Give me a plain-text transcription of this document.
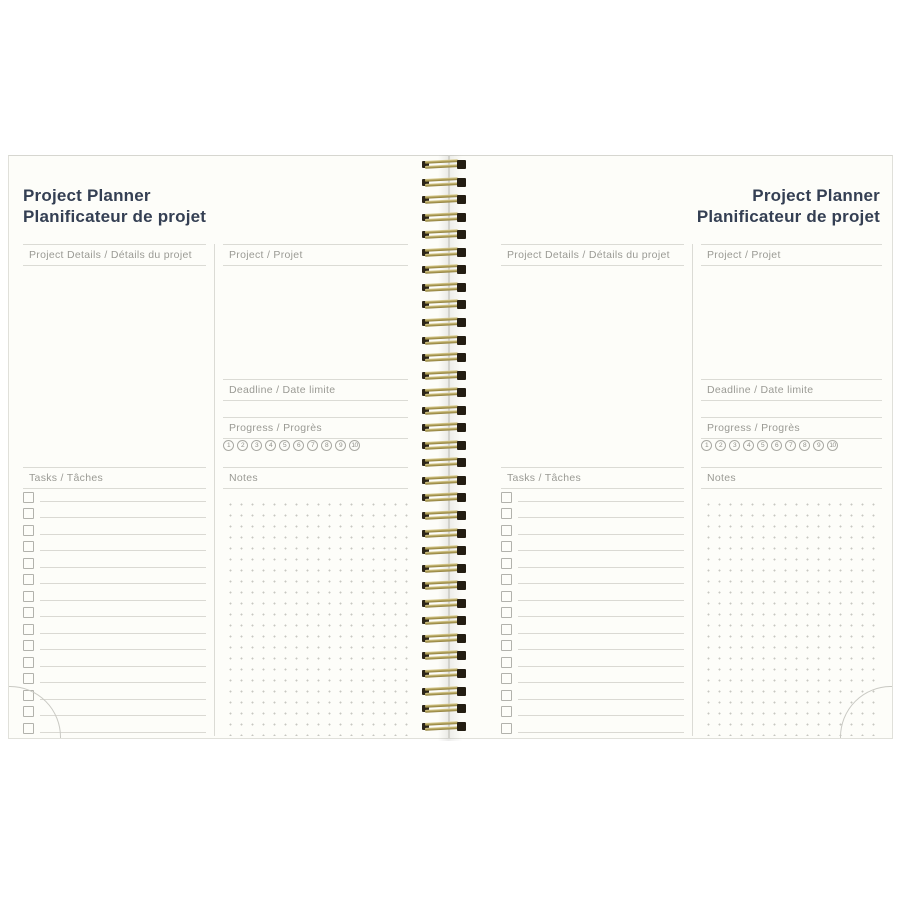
Project Planner
Planificateur de projet
Project Details / Détails du projet	Project / Projet
Deadline / Date limite
Progress / Progrès
1	2	3	4	5	6	7	8	9	10
Tasks / Tâches	Notes
Project Planner
Planificateur de projet
Project Details / Détails du projet	Project / Projet
Deadline / Date limite
Progress / Progrès
1	2	3	4	5	6	7	8	9	10
Tasks / Tâches	Notes
